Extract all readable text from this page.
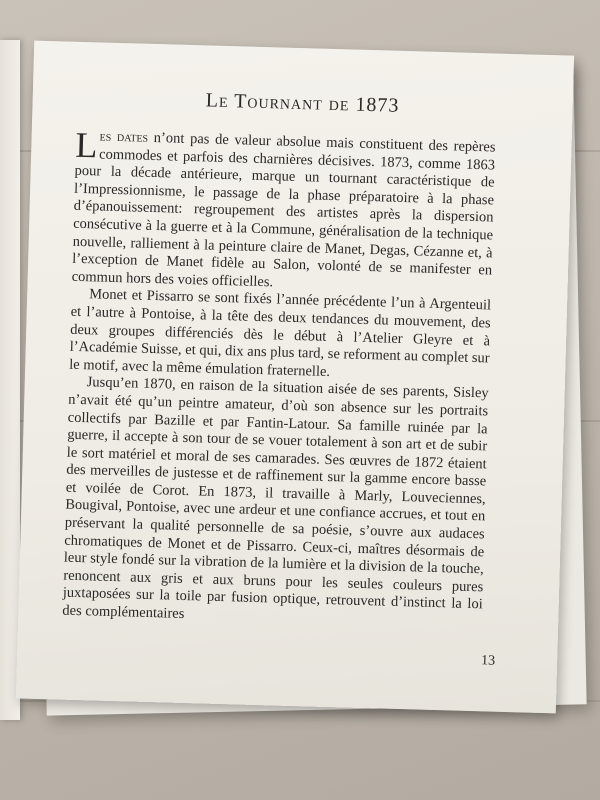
Le Tournant de 1873

Les dates n’ont pas de valeur absolue mais constituent des repères commodes et parfois des charnières décisives. 1873, comme 1863 pour la décade antérieure, marque un tournant caractéristique de l’Impressionnisme, le passage de la phase préparatoire à la phase d’épanouissement: regroupement des artistes après la dispersion consécutive à la guerre et à la Commune, généralisation de la technique nouvelle, ralliement à la peinture claire de Manet, Degas, Cézanne et, à l’exception de Manet fidèle au Salon, volonté de se manifester en commun hors des voies officielles.

Monet et Pissarro se sont fixés l’année précédente l’un à Argenteuil et l’autre à Pontoise, à la tête des deux tendances du mouvement, des deux groupes différenciés dès le début à l’Atelier Gleyre et à l’Académie Suisse, et qui, dix ans plus tard, se reforment au complet sur le motif, avec la même émulation fraternelle.

Jusqu’en 1870, en raison de la situation aisée de ses parents, Sisley n’avait été qu’un peintre amateur, d’où son absence sur les portraits collectifs par Bazille et par Fantin-Latour. Sa famille ruinée par la guerre, il accepte à son tour de se vouer totalement à son art et de subir le sort matériel et moral de ses camarades. Ses œuvres de 1872 étaient des merveilles de justesse et de raffinement sur la gamme encore basse et voilée de Corot. En 1873, il travaille à Marly, Louveciennes, Bougival, Pontoise, avec une ardeur et une confiance accrues, et tout en préservant la qualité personnelle de sa poésie, s’ouvre aux audaces chromatiques de Monet et de Pissarro. Ceux-ci, maîtres désormais de leur style fondé sur la vibration de la lumière et la division de la touche, renoncent aux gris et aux bruns pour les seules couleurs pures juxtaposées sur la toile par fusion optique, retrouvent d’instinct la loi des complémentaires

13
